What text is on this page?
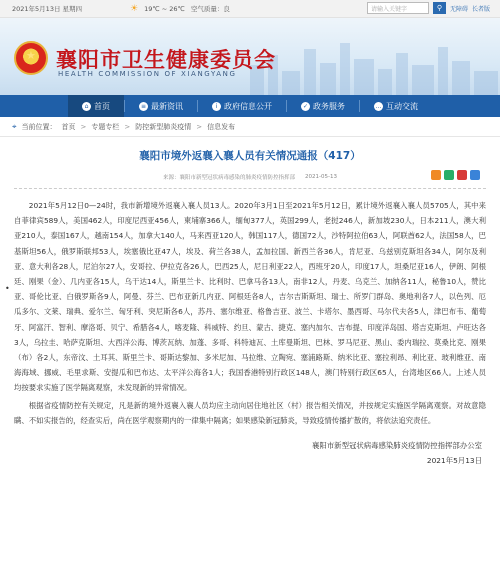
2021年5月13日 星期四	☀ 19℃ ~ 26℃ 空气质量：良	请输入关键字	⚲	无障碍 长者版
★
襄阳市卫生健康委员会
HEALTH COMMISSION OF XIANGYANG
⌂ 首页	≡ 最新资讯	i 政府信息公开	✓ 政务服务	… 互动交流
⌖ 当前位置： 首页 > 专题专栏 > 防控新型肺炎疫情 > 信息发布
襄阳市境外返襄入襄人员有关情况通报（417）
来源：襄阳市新型冠状病毒感染的肺炎疫情防控指挥部 2021-05-13

2021年5月12日0—24时，我市新增境外返襄入襄人员13人。2020年3月1日至2021年5月12日，累计境外返襄入襄人员5705人，其中来自菲律宾589人，美国462人，印度尼西亚456人，柬埔寨366人，缅甸377人，英国299人，老挝246人，新加坡230人，日本211人，澳大利亚210人，泰国167人，越南154人，加拿大140人，马来西亚120人，韩国117人，德国72人，沙特阿拉伯63人，阿联酋62人，法国58人，巴基斯坦56人，俄罗斯联邦53人，埃塞俄比亚47人，埃及、荷兰各38人，孟加拉国、新西兰各36人，肯尼亚、乌兹别克斯坦各34人，阿尔及利亚、意大利各28人，尼泊尔27人，安哥拉、伊拉克各26人，巴西25人，尼日利亚22人，西班牙20人，印度17人，坦桑尼亚16人，伊朗、阿根廷、刚果（金）、几内亚各15人，乌干达14人，斯里兰卡、比利时、巴拿马各13人，南非12人，丹麦、乌克兰、加纳各11人，秘鲁10人，赞比亚、哥伦比亚、白俄罗斯各9人，阿曼、芬兰、巴布亚新几内亚、阿根廷各8人，吉尔吉斯斯坦、瑞士、所罗门群岛、奥地利各7人，以色列、厄瓜多尔、文莱、瑞典、爱尔兰、匈牙利、突尼斯各6人，苏丹、塞尔维亚、格鲁吉亚、波兰、卡塔尔、墨西哥、马尔代夫各5人，津巴布韦、葡萄牙、阿富汗、智利、摩洛哥、贝宁、希腊各4人，喀麦隆、科威特、约旦、蒙古、捷克、塞内加尔、吉布提、印度洋岛国、塔吉克斯坦、卢旺达各3人，乌拉圭、哈萨克斯坦、大西洋公海、博茨瓦纳、加蓬、多哥、科特迪瓦、土库曼斯坦、巴林、罗马尼亚、黑山、委内瑞拉、莫桑比克、刚果（布）各2人，东帝汶、土耳其、斯里兰卡、哥斯达黎加、多米尼加、马拉维、立陶宛、塞浦路斯、纳米比亚、塞拉利昂、利比亚、玻利维亚、南海海域、挪威、毛里求斯、安提瓜和巴布达、太平洋公海各1人；我国香港特别行政区148人，澳门特别行政区65人，台湾地区66人。上述人员均按要求实施了医学隔离观察，未发现新的异常情况。

根据省疫情防控有关规定，凡是新的境外返襄入襄人员均应主动向居住地社区（村）报告相关情况，并按规定实施医学隔离观察。对故意隐瞒、不如实报告的，经查实后，尚在医学观察期内的一律集中隔离；如果感染新冠肺炎，导致疫情传播扩散的，将依法追究责任。

襄阳市新型冠状病毒感染肺炎疫情防控指挥部办公室
2021年5月13日
•
